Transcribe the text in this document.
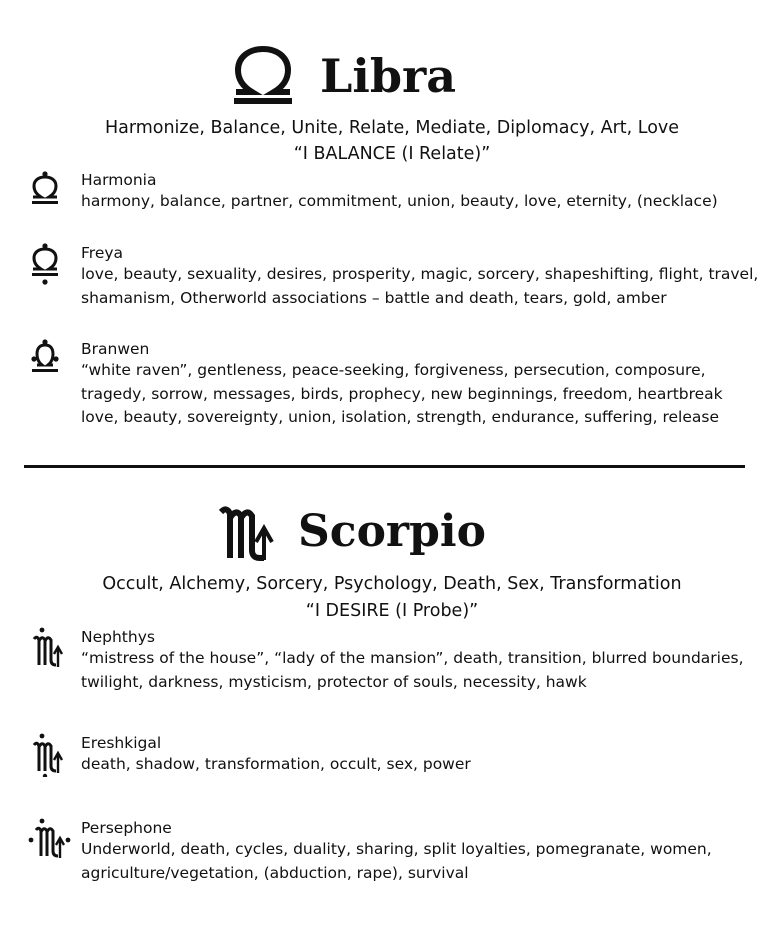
Libra
Harmonize, Balance, Unite, Relate, Mediate, Diplomacy, Art, Love
“I BALANCE (I Relate)”

Harmonia

harmony, balance, partner, commitment, union, beauty, love, eternity, (necklace)

Freya

love, beauty, sexuality, desires, prosperity, magic, sorcery, shapeshifting, flight, travel,

shamanism, Otherworld associations – battle and death, tears, gold, amber

Branwen

“white raven”, gentleness, peace-seeking, forgiveness, persecution, composure,

tragedy, sorrow, messages, birds, prophecy, new beginnings, freedom, heartbreak

love, beauty, sovereignty, union, isolation, strength, endurance, suffering, release

Scorpio
Occult, Alchemy, Sorcery, Psychology, Death, Sex, Transformation
“I DESIRE (I Probe)”

Nephthys

“mistress of the house”, “lady of the mansion”, death, transition, blurred boundaries,

twilight, darkness, mysticism, protector of souls, necessity, hawk

Ereshkigal

death, shadow, transformation, occult, sex, power

Persephone

Underworld, death, cycles, duality, sharing, split loyalties, pomegranate, women,

agriculture/vegetation, (abduction, rape), survival
